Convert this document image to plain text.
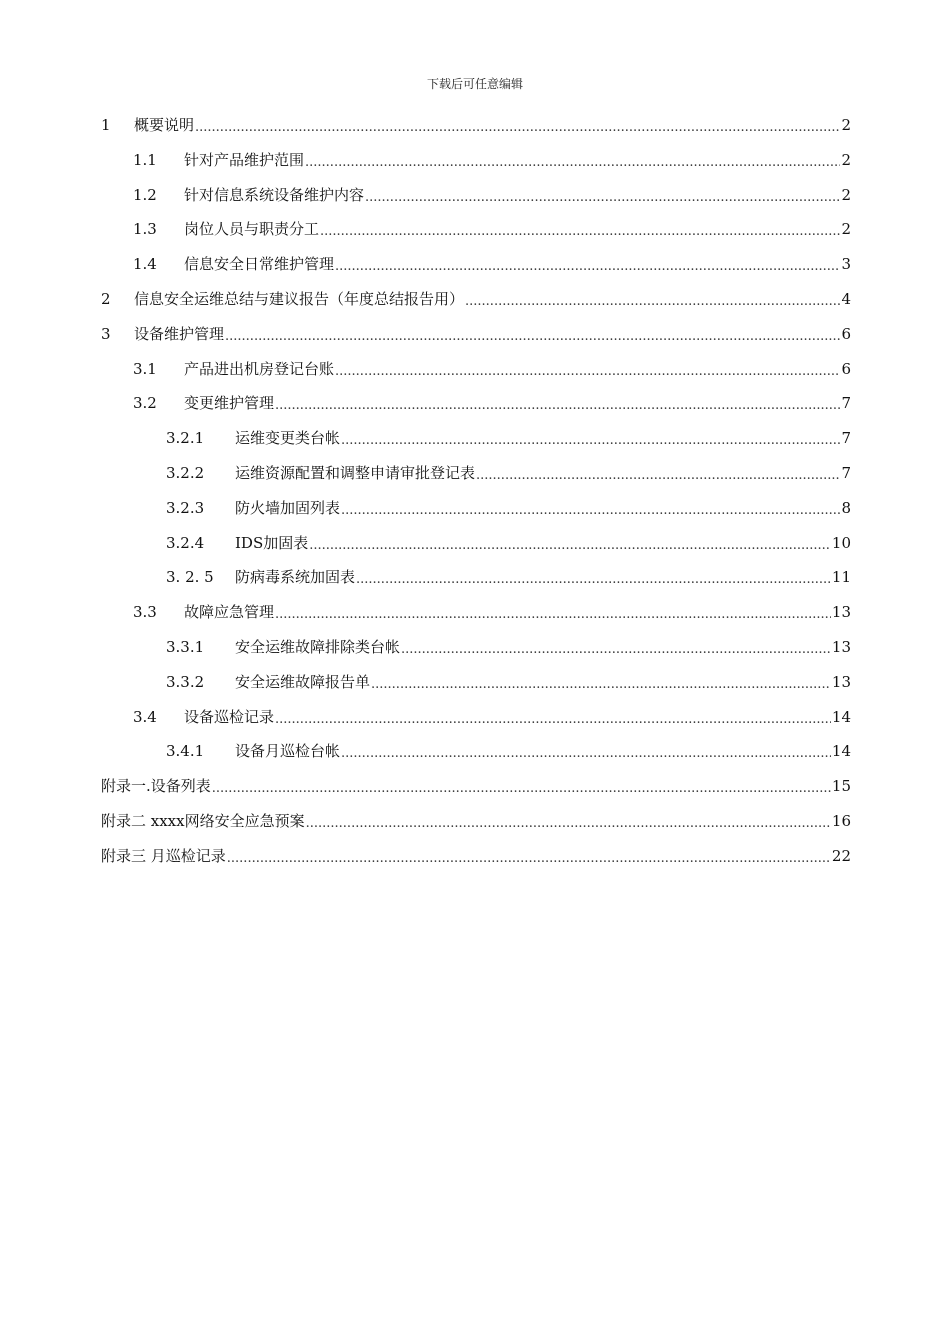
下载后可任意编辑
1	概要说明 .....	2
1.1	针对产品维护范围 .....	2
1.2	针对信息系统设备维护内容 .....	2
1.3	岗位人员与职责分工 .....	2
1.4	信息安全日常维护管理 .....	3
2	信息安全运维总结与建议报告（年度总结报告用） .....	4
3	设备维护管理 .....	6
3.1	产品进出机房登记台账 .....	6
3.2	变更维护管理 .....	7
3.2.1	运维变更类台帐 .....	7
3.2.2	运维资源配置和调整申请审批登记表 .....	7
3.2.3	防火墙加固列表 .....	8
3.2.4	IDS加固表 .....	10
3. 2. 5	防病毒系统加固表 .....	11
3.3	故障应急管理 .....	13
3.3.1	安全运维故障排除类台帐 .....	13
3.3.2	安全运维故障报告单 .....	13
3.4	设备巡检记录 .....	14
3.4.1	设备月巡检台帐 .....	14
附录一.设备列表 .....	15
附录二 xxxx网络安全应急预案 .....	16
附录三 月巡检记录 .....	22
